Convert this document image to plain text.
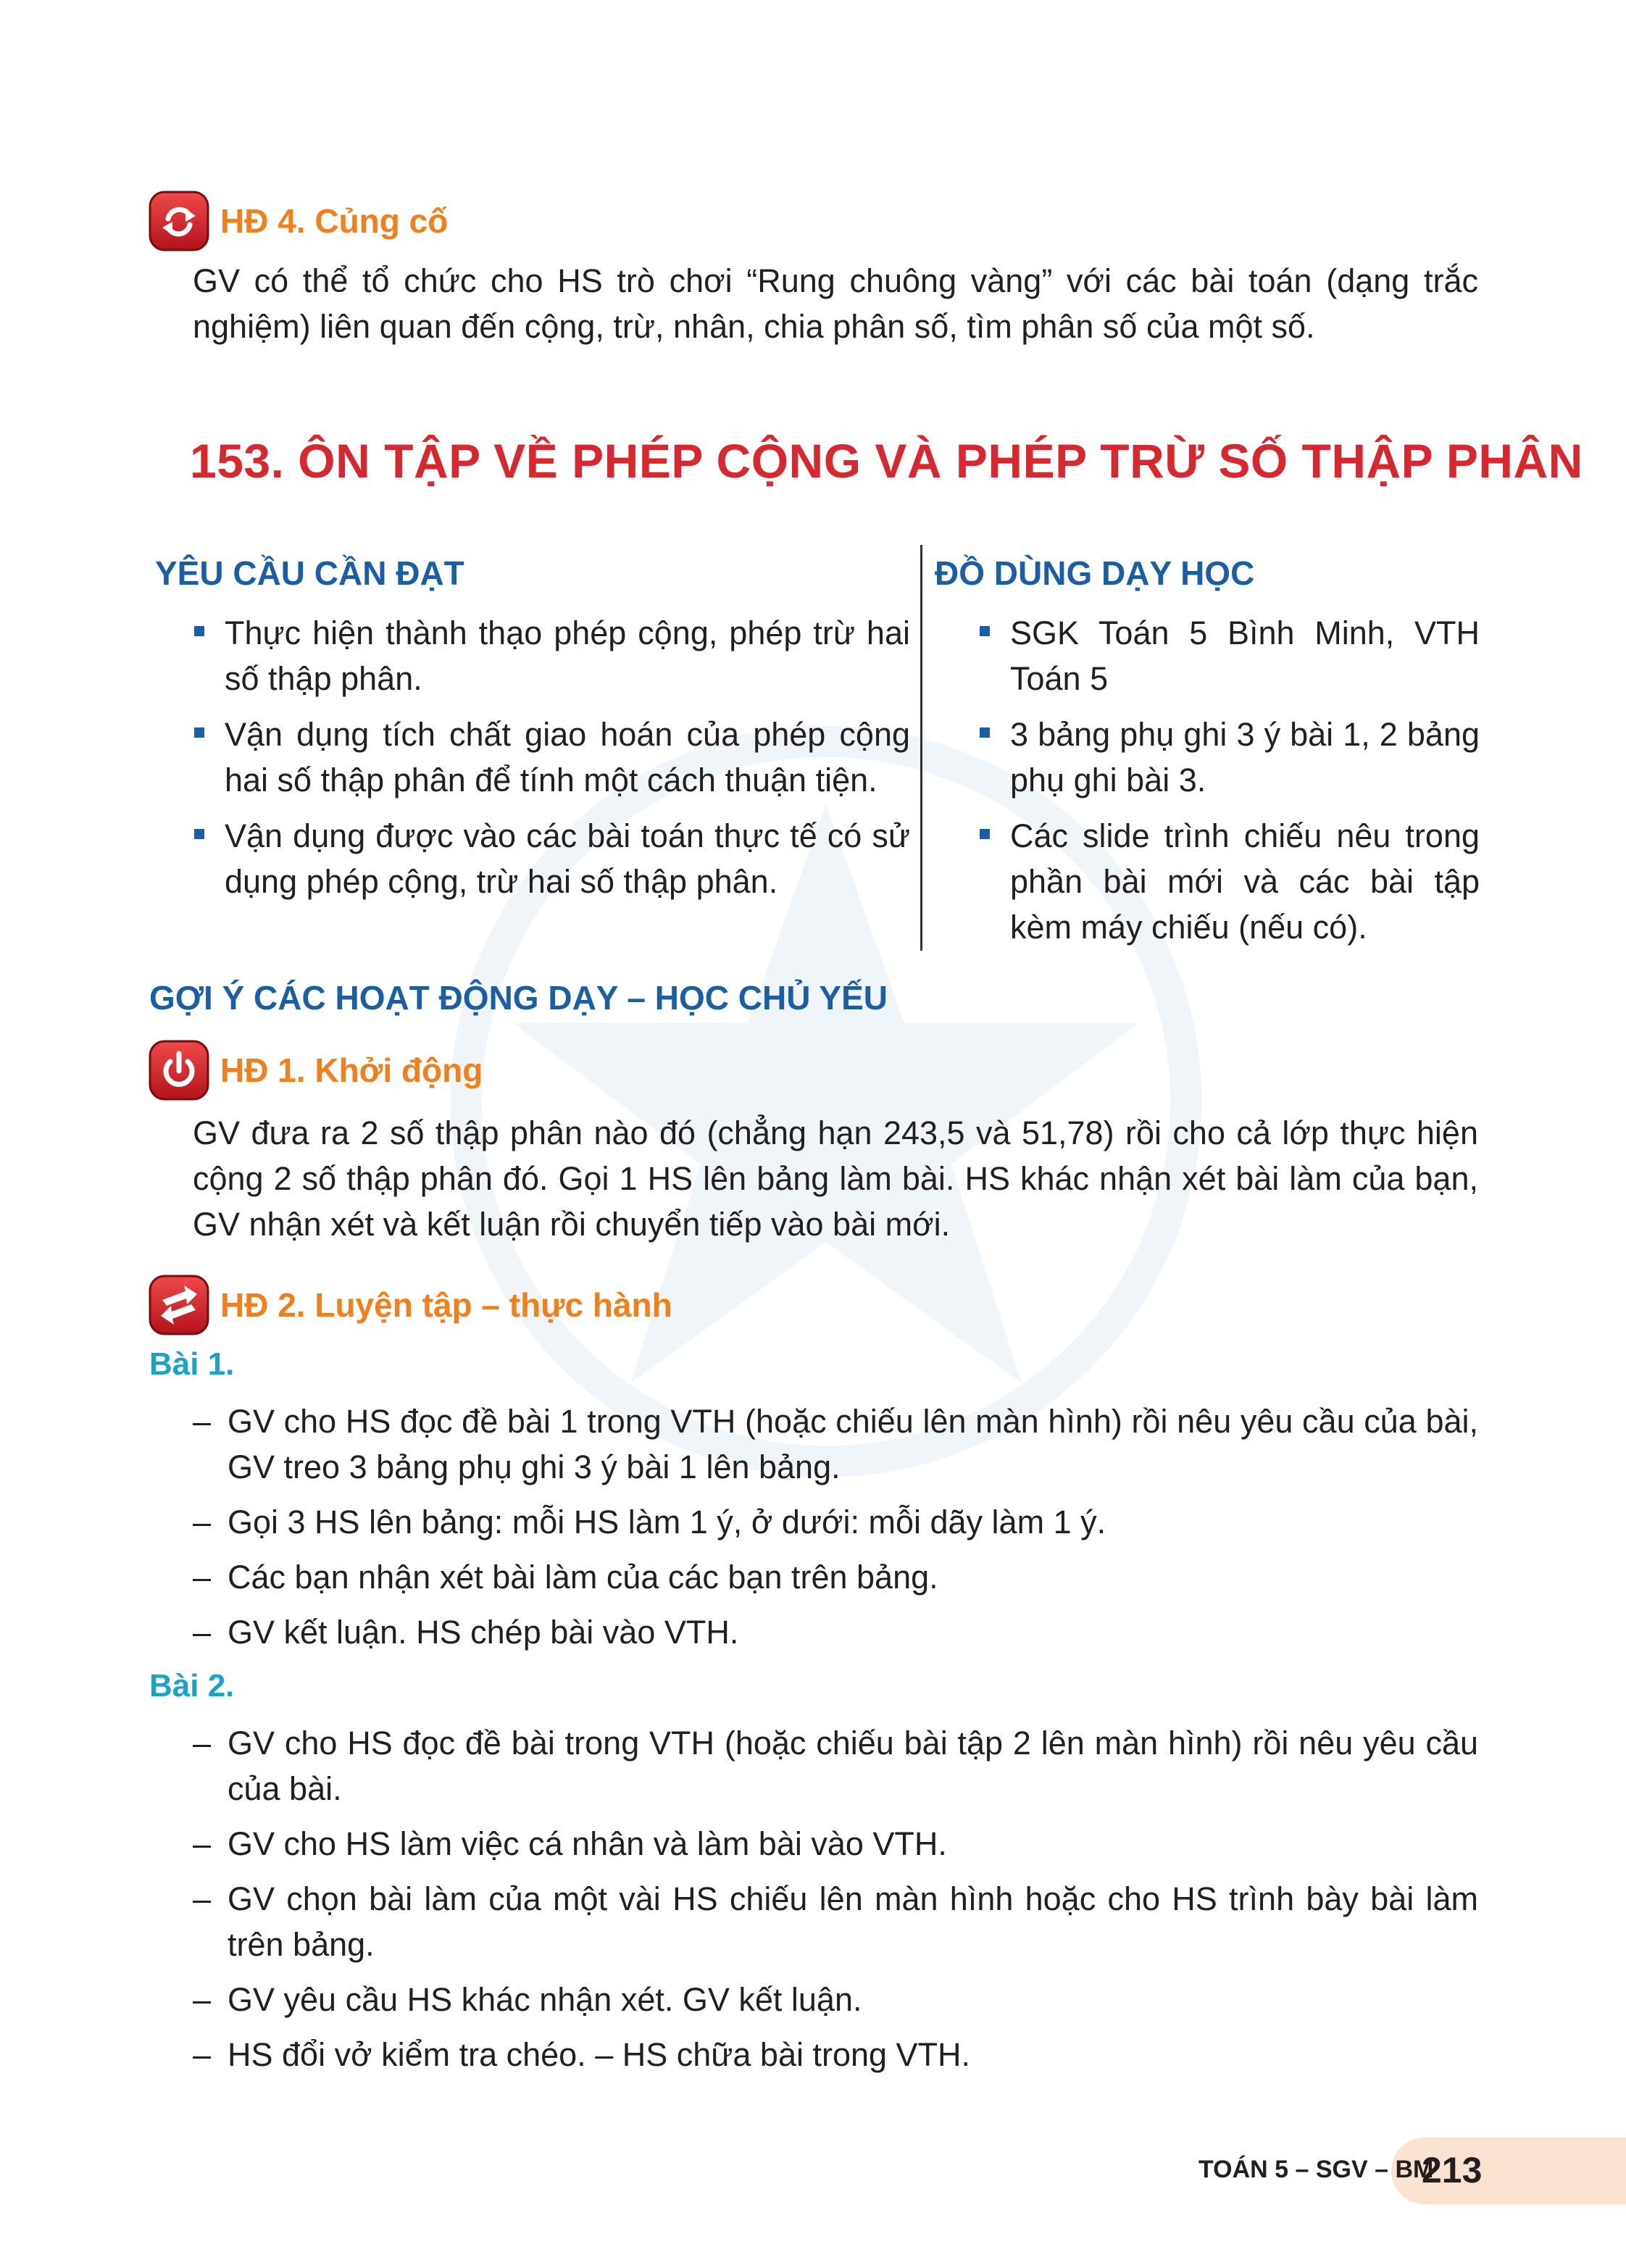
HĐ 4. Củng cố
GV có thể tổ chức cho HS trò chơi “Rung chuông vàng” với các bài toán (dạng trắc
nghiệm) liên quan đến cộng, trừ, nhân, chia phân số, tìm phân số của một số.
153. ÔN TẬP VỀ PHÉP CỘNG VÀ PHÉP TRỪ SỐ THẬP PHÂN
YÊU CẦU CẦN ĐẠT
Thực hiện thành thạo phép cộng, phép trừ hai
số thập phân.
Vận dụng tích chất giao hoán của phép cộng
hai số thập phân để tính một cách thuận tiện.
Vận dụng được vào các bài toán thực tế có sử
dụng phép cộng, trừ hai số thập phân.
ĐỒ DÙNG DẠY HỌC
SGK Toán 5 Bình Minh, VTH
Toán 5
3 bảng phụ ghi 3 ý bài 1, 2 bảng
phụ ghi bài 3.
Các slide trình chiếu nêu trong
phần bài mới và các bài tập
kèm máy chiếu (nếu có).
GỢI Ý CÁC HOẠT ĐỘNG DẠY – HỌC CHỦ YẾU
HĐ 1. Khởi động
GV đưa ra 2 số thập phân nào đó (chẳng hạn 243,5 và 51,78) rồi cho cả lớp thực hiện
cộng 2 số thập phân đó. Gọi 1 HS lên bảng làm bài. HS khác nhận xét bài làm của bạn,
GV nhận xét và kết luận rồi chuyển tiếp vào bài mới.
HĐ 2. Luyện tập – thực hành
Bài 1.
– GV cho HS đọc đề bài 1 trong VTH (hoặc chiếu lên màn hình) rồi nêu yêu cầu của bài,
GV treo 3 bảng phụ ghi 3 ý bài 1 lên bảng.
– Gọi 3 HS lên bảng: mỗi HS làm 1 ý, ở dưới: mỗi dãy làm 1 ý.
– Các bạn nhận xét bài làm của các bạn trên bảng.
– GV kết luận. HS chép bài vào VTH.
Bài 2.
– GV cho HS đọc đề bài trong VTH (hoặc chiếu bài tập 2 lên màn hình) rồi nêu yêu cầu
của bài.
– GV cho HS làm việc cá nhân và làm bài vào VTH.
– GV chọn bài làm của một vài HS chiếu lên màn hình hoặc cho HS trình bày bài làm
trên bảng.
– GV yêu cầu HS khác nhận xét. GV kết luận.
– HS đổi vở kiểm tra chéo. – HS chữa bài trong VTH.
TOÁN 5 – SGV – BM
213
